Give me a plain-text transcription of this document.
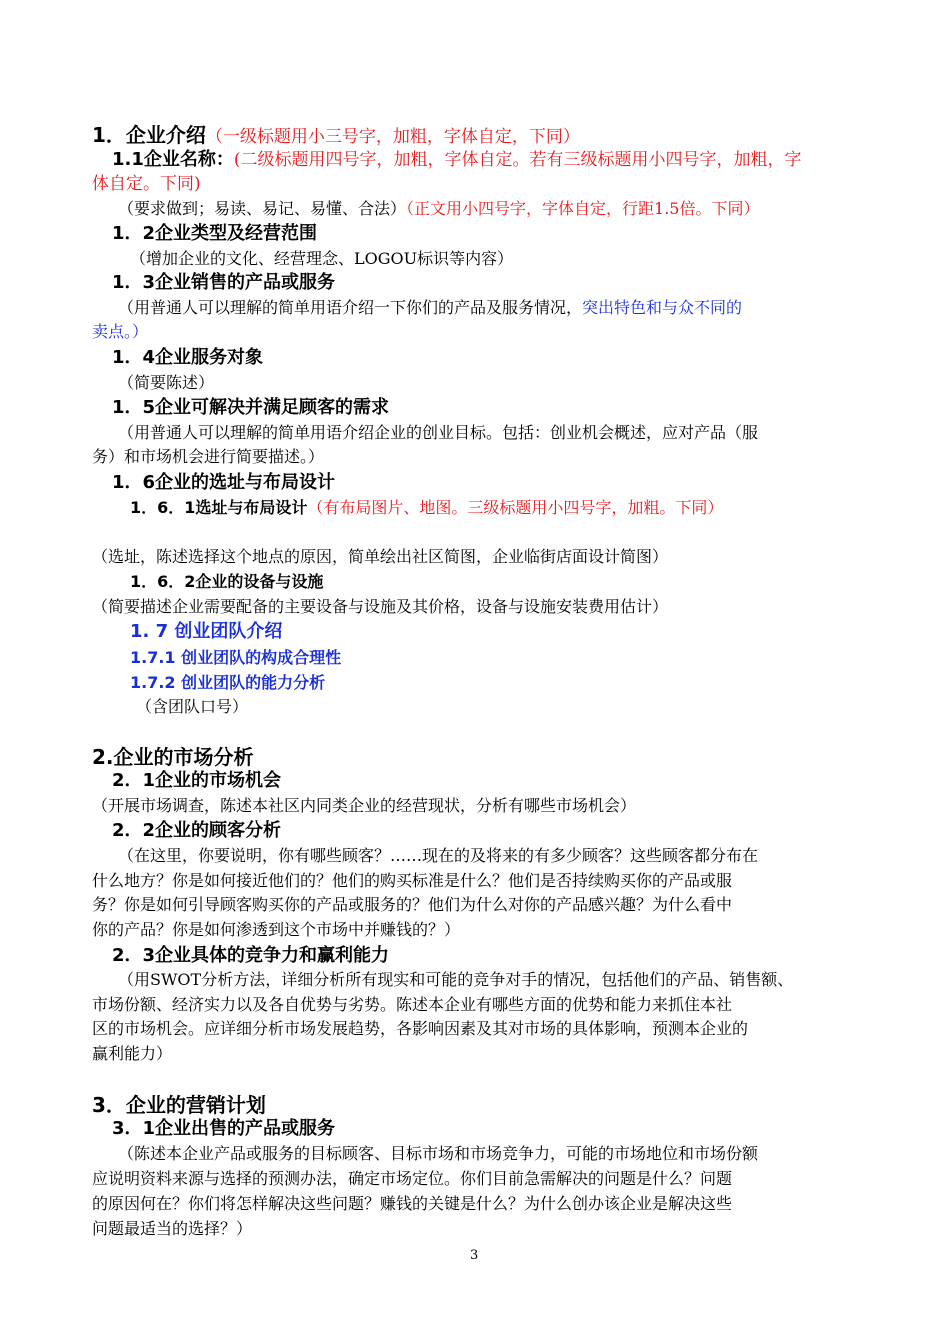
1．企业介绍（一级标题用小三号字，加粗，字体自定，下同）
1.1企业名称：(二级标题用四号字，加粗，字体自定。若有三级标题用小四号字，加粗，字
体自定。下同)
（要求做到；易读、易记、易懂、合法）（正文用小四号字，字体自定，行距1.5倍。下同）
1．2企业类型及经营范围
（增加企业的文化、经营理念、LOGOU标识等内容）
1．3企业销售的产品或服务
（用普通人可以理解的简单用语介绍一下你们的产品及服务情况，突出特色和与众不同的
卖点。）
1．4企业服务对象
（简要陈述）
1．5企业可解决并满足顾客的需求
（用普通人可以理解的简单用语介绍企业的创业目标。包括：创业机会概述，应对产品（服
务）和市场机会进行简要描述。）
1．6企业的选址与布局设计
1．6．1选址与布局设计（有布局图片、地图。三级标题用小四号字，加粗。下同）
（选址，陈述选择这个地点的原因，简单绘出社区简图，企业临街店面设计简图）
1．6．2企业的设备与设施
（简要描述企业需要配备的主要设备与设施及其价格，设备与设施安装费用估计）
1. 7 创业团队介绍
1.7.1 创业团队的构成合理性
1.7.2 创业团队的能力分析
（含团队口号）
2.企业的市场分析
2．1企业的市场机会
（开展市场调查，陈述本社区内同类企业的经营现状，分析有哪些市场机会）
2．2企业的顾客分析
（在这里，你要说明，你有哪些顾客？……现在的及将来的有多少顾客？这些顾客都分布在
什么地方？你是如何接近他们的？他们的购买标准是什么？他们是否持续购买你的产品或服
务？你是如何引导顾客购买你的产品或服务的？他们为什么对你的产品感兴趣？为什么看中
你的产品？你是如何渗透到这个市场中并赚钱的？）
2．3企业具体的竞争力和赢利能力
（用SWOT分析方法，详细分析所有现实和可能的竞争对手的情况，包括他们的产品、销售额、
市场份额、经济实力以及各自优势与劣势。陈述本企业有哪些方面的优势和能力来抓住本社
区的市场机会。应详细分析市场发展趋势，各影响因素及其对市场的具体影响，预测本企业的
赢利能力）
3．企业的营销计划
3．1企业出售的产品或服务
（陈述本企业产品或服务的目标顾客、目标市场和市场竞争力，可能的市场地位和市场份额
应说明资料来源与选择的预测办法，确定市场定位。你们目前急需解决的问题是什么？问题
的原因何在？你们将怎样解决这些问题？赚钱的关键是什么？为什么创办该企业是解决这些
问题最适当的选择？）
3
